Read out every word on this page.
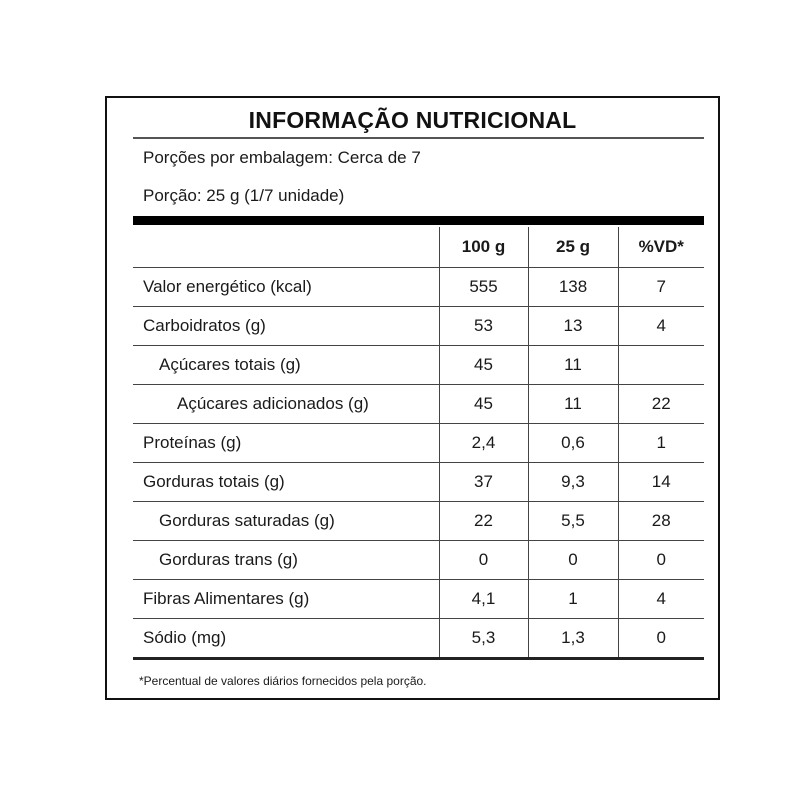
INFORMAÇÃO NUTRICIONAL
Porções por embalagem: Cerca de 7
Porção: 25 g (1/7 unidade)
	100 g	25 g	%VD*
Valor energético (kcal)	555	138	7
Carboidratos (g)	53	13	4
Açúcares totais (g)	45	11	
Açúcares adicionados (g)	45	11	22
Proteínas (g)	2,4	0,6	1
Gorduras totais (g)	37	9,3	14
Gorduras saturadas (g)	22	5,5	28
Gorduras trans (g)	0	0	0
Fibras Alimentares (g)	4,1	1	4
Sódio (mg)	5,3	1,3	0
*Percentual de valores diários fornecidos pela porção.
